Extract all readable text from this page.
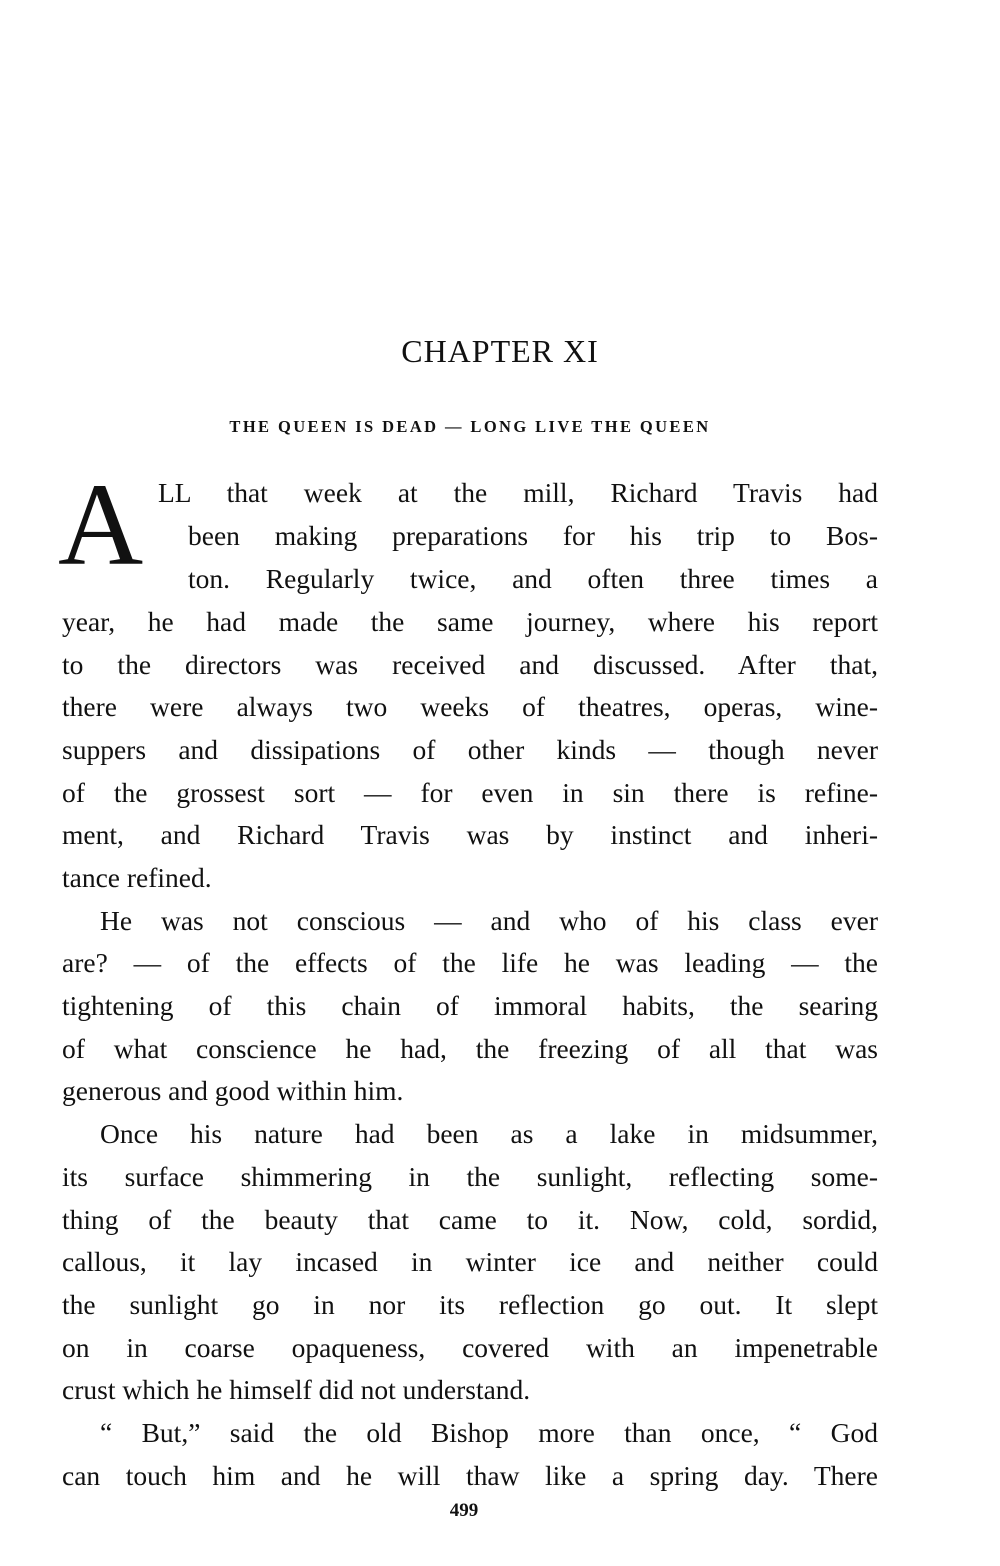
CHAPTER XI
THE QUEEN IS DEAD — LONG LIVE THE QUEEN
A LL that week at the mill, Richard Travis had
been making preparations for his trip to Bos-
ton. Regularly twice, and often three times a
year, he had made the same journey, where his report
to the directors was received and discussed. After that,
there were always two weeks of theatres, operas, wine-
suppers and dissipations of other kinds — though never
of the grossest sort — for even in sin there is refine-
ment, and Richard Travis was by instinct and inheri-
tance refined.
He was not conscious — and who of his class ever
are? — of the effects of the life he was leading — the
tightening of this chain of immoral habits, the searing
of what conscience he had, the freezing of all that was
generous and good within him.
Once his nature had been as a lake in midsummer,
its surface shimmering in the sunlight, reflecting some-
thing of the beauty that came to it. Now, cold, sordid,
callous, it lay incased in winter ice and neither could
the sunlight go in nor its reflection go out. It slept
on in coarse opaqueness, covered with an impenetrable
crust which he himself did not understand.
“ But,” said the old Bishop more than once, “ God
can touch him and he will thaw like a spring day. There
499
